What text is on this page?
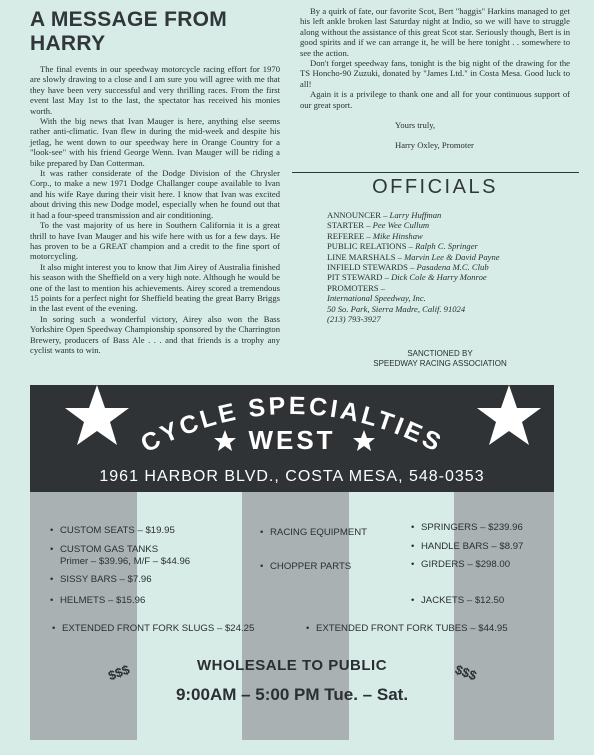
A MESSAGE FROM HARRY

The final events in our speedway motorcycle racing effort for 1970 are slowly drawing to a close and I am sure you will agree with me that they have been very successful and very thrilling races. From the first event last May 1st to the last, the spectator has received his monies worth.

With the big news that Ivan Mauger is here, anything else seems rather anti-climatic. Ivan flew in during the mid-week and despite his jetlag, he went down to our speedway here in Orange Country for a "look-see" with his friend George Wenn. Ivan Mauger will be riding a bike prepared by Dan Cotterman.

It was rather considerate of the Dodge Division of the Chrysler Corp., to make a new 1971 Dodge Challanger coupe available to Ivan and his wife Raye during their visit here. I know that Ivan was excited about driving this new Dodge model, especially when he found out that it had a four-speed transmission and air conditioning.

To the vast majority of us here in Southern California it is a great thrill to have Ivan Mauger and his wife here with us for a few days. He has proven to be a GREAT champion and a credit to the fine sport of motorcycling.

It also might interest you to know that Jim Airey of Australia finished his season with the Sheffield on a very high note. Although he would be one of the last to mention his achievements. Airey scored a tremendous 15 points for a perfect night for Sheffield beating the great Barry Briggs in the last event of the evening.

In soring such a wonderful victory, Airey also won the Bass Yorkshire Open Speedway Championship sponsored by the Charrington Brewery, producers of Bass Ale . . . and that friends is a trophy any cyclist wants to win.

By a quirk of fate, our favorite Scot, Bert "haggis" Harkins managed to get his left ankle broken last Saturday night at Indio, so we will have to struggle along without the assistance of this great Scot star. Seriously though, Bert is in good spirits and if we can arrange it, he will be here tonight . . somewhere to see the action.

Don't forget speedway fans, tonight is the big night of the drawing for the TS Honcho-90 Zuzuki, donated by "James Ltd." in Costa Mesa. Good luck to all!

Again it is a privilege to thank one and all for your continuous support of our great sport.

Yours truly,
Harry Oxley, Promoter
OFFICIALS
ANNOUNCER – Larry Huffman
STARTER – Pee Wee Cullum
REFEREE – Mike Hinshaw
PUBLIC RELATIONS – Ralph C. Springer
LINE MARSHALS – Marvin Lee & David Payne
INFIELD STEWARDS – Pasadena M.C. Club
PIT STEWARD – Dick Cole & Harry Monroe
PROMOTERS –
International Speedway, Inc.
50 So. Park, Sierra Madre, Calif. 91024
(213) 793-3927
SANCTIONED BY
SPEEDWAY RACING ASSOCIATION
CYCLE SPECIALTIES
WEST
1961 HARBOR BLVD., COSTA MESA, 548-0353
• CUSTOM SEATS – $19.95
• CUSTOM GAS TANKS
Primer – $39.96, M/F – $44.96
• SISSY BARS – $7.96
• HELMETS – $15.96
• RACING EQUIPMENT
• CHOPPER PARTS
• SPRINGERS – $239.96
• HANDLE BARS – $8.97
• GIRDERS – $298.00
• JACKETS – $12.50
• EXTENDED FRONT FORK SLUGS – $24.25	• EXTENDED FRONT FORK TUBES – $44.95
$$$	$$$
WHOLESALE TO PUBLIC
9:00AM – 5:00 PM Tue. – Sat.
